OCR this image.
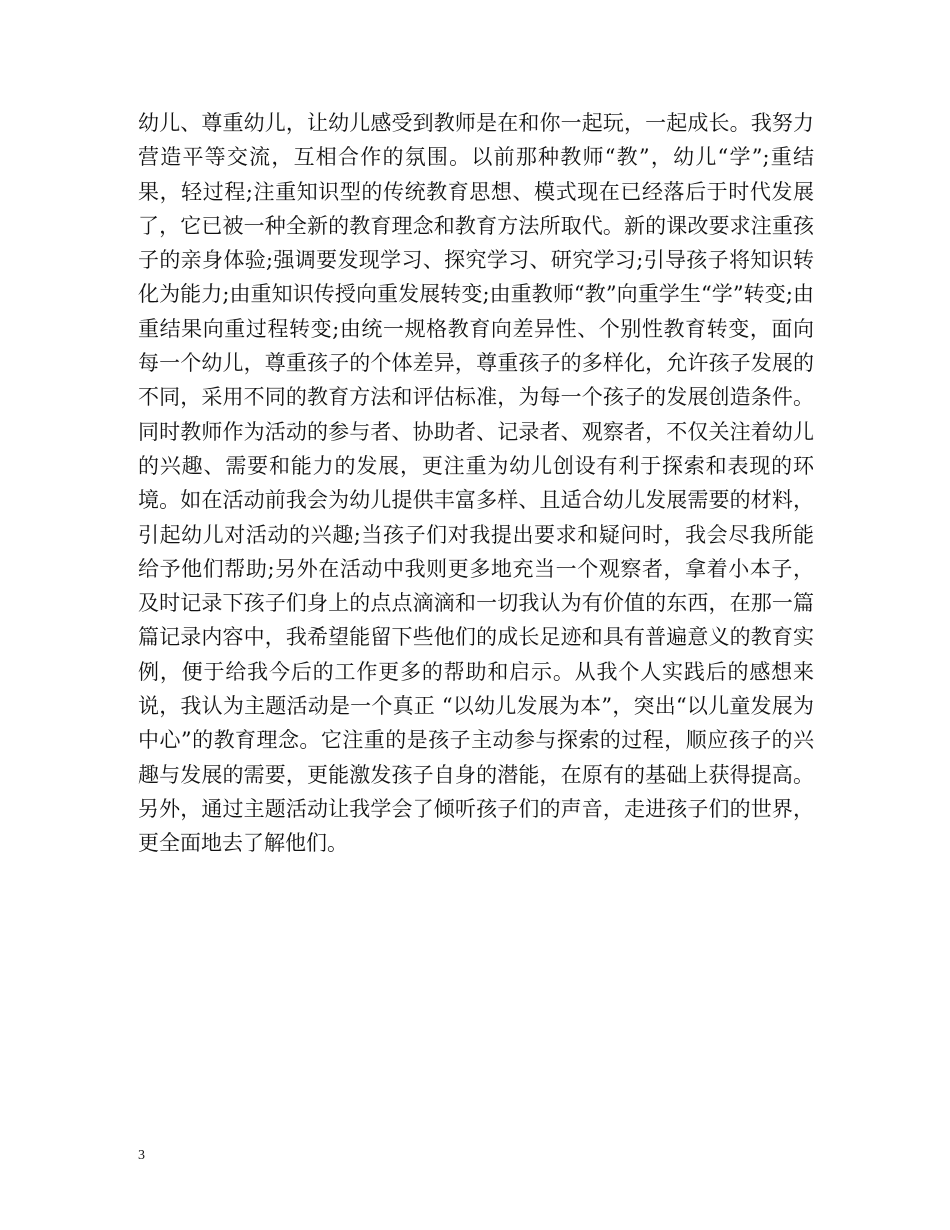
幼儿、尊重幼儿，让幼儿感受到教师是在和你一起玩，一起成长。我努力营造平等交流，互相合作的氛围。以前那种教师“教”，幼儿“学”;重结果，轻过程;注重知识型的传统教育思想、模式现在已经落后于时代发展了，它已被一种全新的教育理念和教育方法所取代。新的课改要求注重孩子的亲身体验;强调要发现学习、探究学习、研究学习;引导孩子将知识转化为能力;由重知识传授向重发展转变;由重教师“教”向重学生“学”转变;由重结果向重过程转变;由统一规格教育向差异性、个别性教育转变，面向每一个幼儿，尊重孩子的个体差异，尊重孩子的多样化，允许孩子发展的不同，采用不同的教育方法和评估标准，为每一个孩子的发展创造条件。同时教师作为活动的参与者、协助者、记录者、观察者，不仅关注着幼儿的兴趣、需要和能力的发展，更注重为幼儿创设有利于探索和表现的环境。如在活动前我会为幼儿提供丰富多样、且适合幼儿发展需要的材料，引起幼儿对活动的兴趣;当孩子们对我提出要求和疑问时，我会尽我所能给予他们帮助;另外在活动中我则更多地充当一个观察者，拿着小本子，及时记录下孩子们身上的点点滴滴和一切我认为有价值的东西，在那一篇篇记录内容中，我希望能留下些他们的成长足迹和具有普遍意义的教育实例，便于给我今后的工作更多的帮助和启示。从我个人实践后的感想来说，我认为主题活动是一个真正 “以幼儿发展为本”，突出“以儿童发展为中心”的教育理念。它注重的是孩子主动参与探索的过程，顺应孩子的兴趣与发展的需要，更能激发孩子自身的潜能，在原有的基础上获得提高。另外，通过主题活动让我学会了倾听孩子们的声音，走进孩子们的世界，更全面地去了解他们。

3
